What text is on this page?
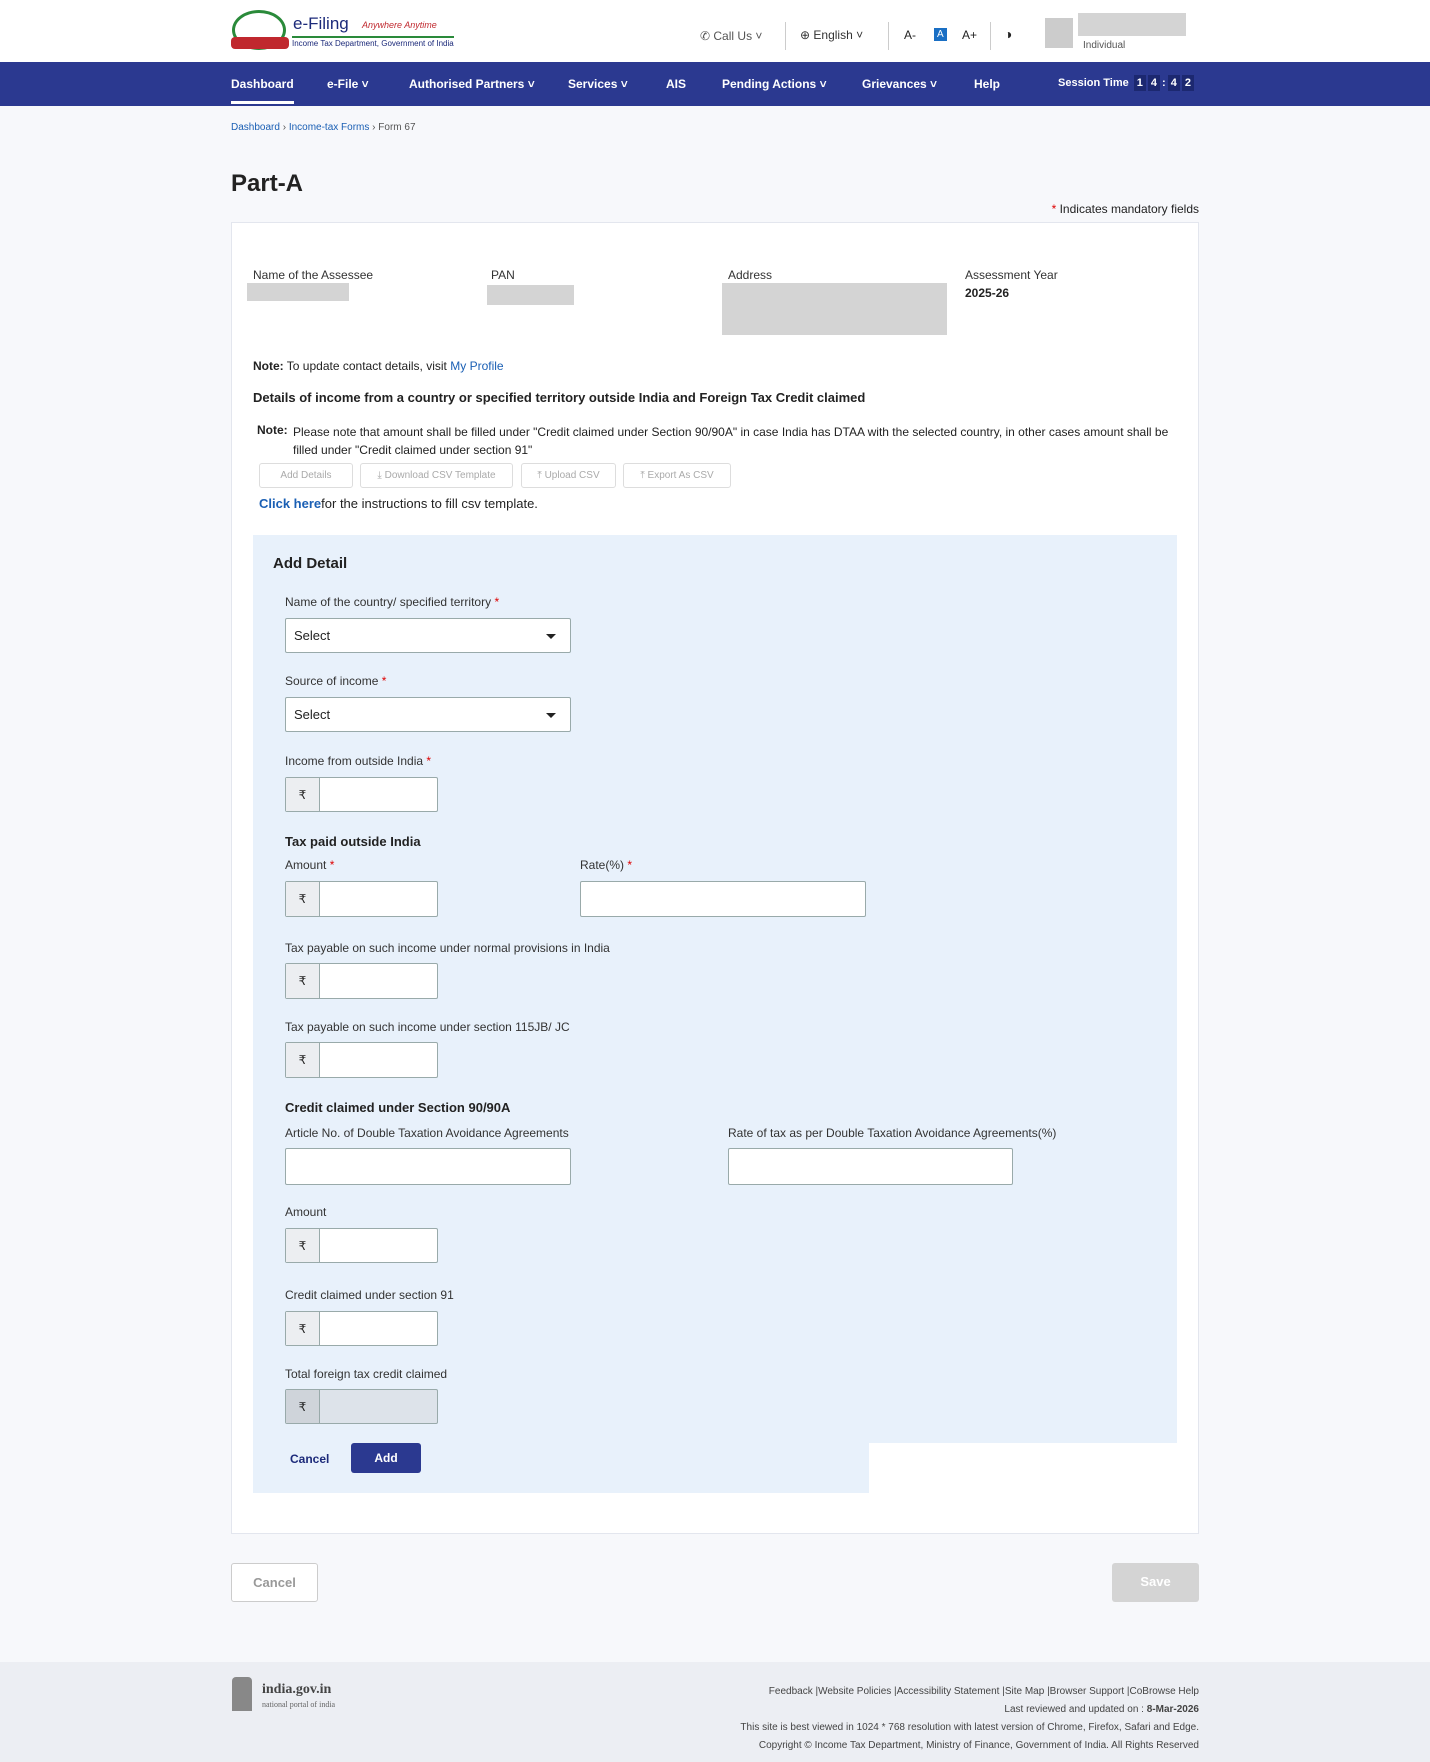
e-Filing Anywhere Anytime
Income Tax Department, Government of India
✆ Call Us ˅	⊕ English ˅	A-	A A+ ◑
Individual
Dashboard	e-File ˅	Authorised Partners ˅	Services ˅	AIS	Pending Actions ˅	Grievances ˅	Help	Session Time 1 4 : 4 2
Dashboard › Income-tax Forms › Form 67
Part-A
* Indicates mandatory fields
Name of the Assessee	PAN	Address	Assessment Year
2025-26
Note: To update contact details, visit My Profile
Details of income from a country or specified territory outside India and Foreign Tax Credit claimed
Note: Please note that amount shall be filled under "Credit claimed under Section 90/90A" in case India has DTAA with the selected country, in other cases amount shall be filled under "Credit claimed under section 91"
Add Details	⤓ Download CSV Template	⤒ Upload CSV	⤒ Export As CSV
Click herefor the instructions to fill csv template.
Add Detail
Name of the country/ specified territory *
Select
Source of income *
Select
Income from outside India *
₹
Tax paid outside India
Amount *
₹
Rate(%) *
Tax payable on such income under normal provisions in India
₹
Tax payable on such income under section 115JB/ JC
₹
Credit claimed under Section 90/90A
Article No. of Double Taxation Avoidance Agreements	Rate of tax as per Double Taxation Avoidance Agreements(%)
Amount
₹
Credit claimed under section 91
₹
Total foreign tax credit claimed
₹
Cancel	Add
Cancel	Save
india.gov.in
national portal of india
Feedback |Website Policies |Accessibility Statement |Site Map |Browser Support |CoBrowse Help
Last reviewed and updated on : 8-Mar-2026
This site is best viewed in 1024 * 768 resolution with latest version of Chrome, Firefox, Safari and Edge.
Copyright © Income Tax Department, Ministry of Finance, Government of India. All Rights Reserved
